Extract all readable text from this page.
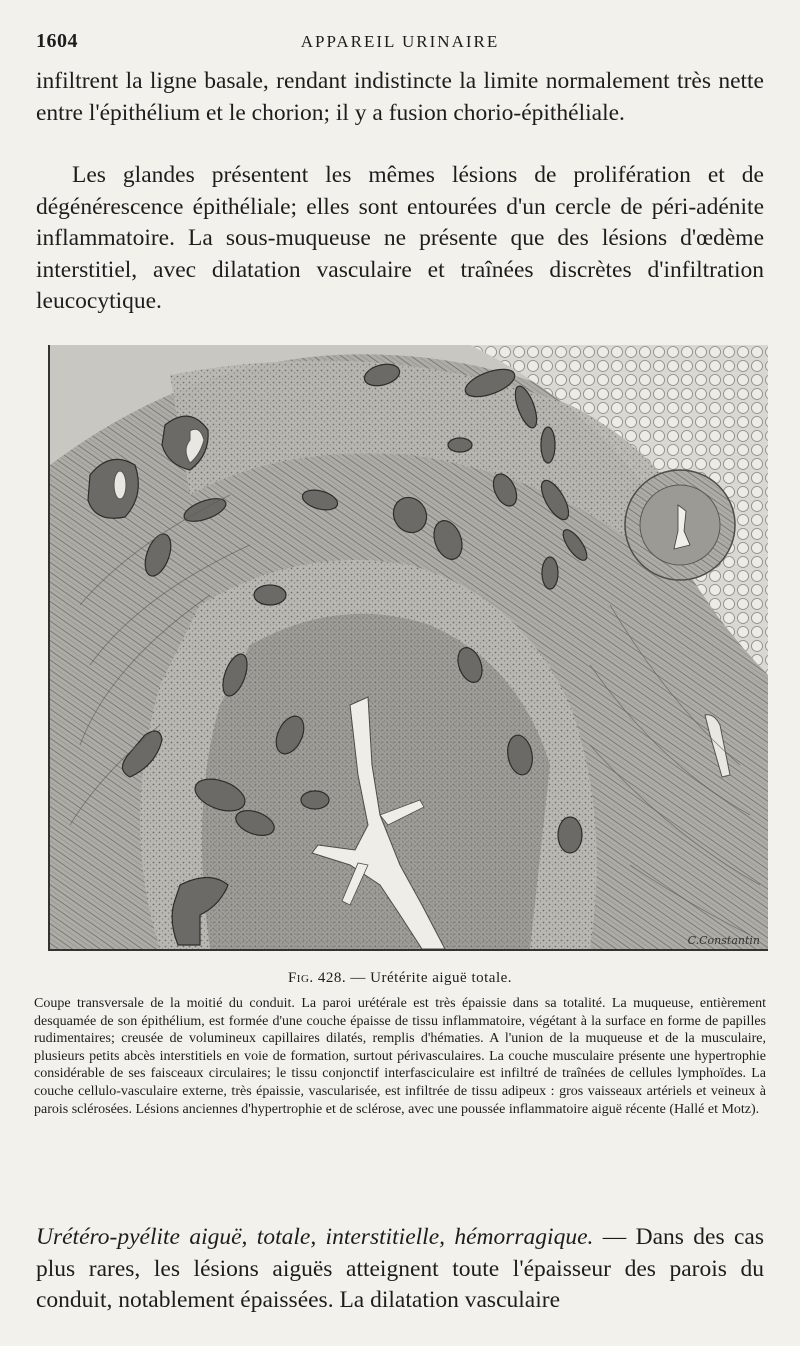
1604	APPAREIL URINAIRE

infiltrent la ligne basale, rendant indistincte la limite normalement très nette entre l'épithélium et le chorion; il y a fusion chorio-épithéliale.

Les glandes présentent les mêmes lésions de prolifération et de dégénérescence épithéliale; elles sont entourées d'un cercle de péri-adénite inflammatoire. La sous-muqueuse ne présente que des lésions d'œdème interstitiel, avec dilatation vasculaire et traînées discrètes d'infiltration leucocytique.

C.Constantin
Fig. 428. — Urétérite aiguë totale.

Coupe transversale de la moitié du conduit. La paroi urétérale est très épaissie dans sa totalité. La muqueuse, entièrement desquamée de son épithélium, est formée d'une couche épaisse de tissu inflammatoire, végétant à la surface en forme de papilles rudimentaires; creusée de volumineux capillaires dilatés, remplis d'hématies. A l'union de la muqueuse et de la musculaire, plusieurs petits abcès interstitiels en voie de formation, surtout périvasculaires. La couche musculaire présente une hypertrophie considérable de ses faisceaux circulaires; le tissu conjonctif interfasciculaire est infiltré de traînées de cellules lymphoïdes. La couche cellulo-vasculaire externe, très épaissie, vascularisée, est infiltrée de tissu adipeux : gros vaisseaux artériels et veineux à parois sclérosées. Lésions anciennes d'hypertrophie et de sclérose, avec une poussée inflammatoire aiguë récente (Hallé et Motz).

Urétéro-pyélite aiguë, totale, interstitielle, hémorragique. — Dans des cas plus rares, les lésions aiguës atteignent toute l'épaisseur des parois du conduit, notablement épaissées. La dilatation vasculaire
